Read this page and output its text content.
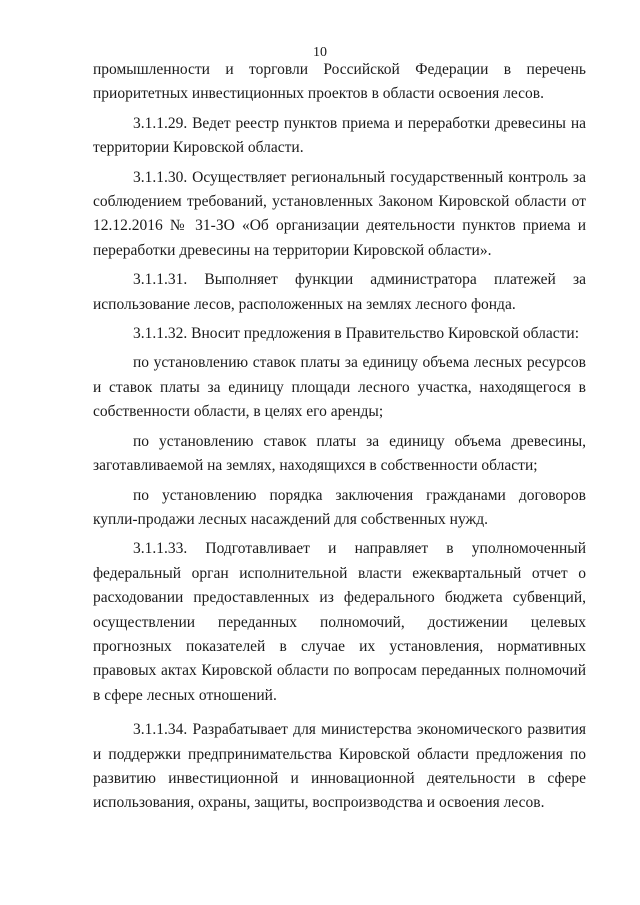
10

промышленности и торговли Российской Федерации в перечень приоритетных инвестиционных проектов в области освоения лесов.

3.1.1.29. Ведет реестр пунктов приема и переработки древесины на территории Кировской области.

3.1.1.30. Осуществляет региональный государственный контроль за соблюдением требований, установленных Законом Кировской области от 12.12.2016 № 31-ЗО «Об организации деятельности пунктов приема и переработки древесины на территории Кировской области».

3.1.1.31. Выполняет функции администратора платежей за использование лесов, расположенных на землях лесного фонда.

3.1.1.32. Вносит предложения в Правительство Кировской области:

по установлению ставок платы за единицу объема лесных ресурсов и ставок платы за единицу площади лесного участка, находящегося в собственности области, в целях его аренды;

по установлению ставок платы за единицу объема древесины, заготавливаемой на землях, находящихся в собственности области;

по установлению порядка заключения гражданами договоров купли-продажи лесных насаждений для собственных нужд.

3.1.1.33. Подготавливает и направляет в уполномоченный федеральный орган исполнительной власти ежеквартальный отчет о расходовании предоставленных из федерального бюджета субвенций, осуществлении переданных полномочий, достижении целевых прогнозных показателей в случае их установления, нормативных правовых актах Кировской области по вопросам переданных полномочий в сфере лесных отношений.

3.1.1.34. Разрабатывает для министерства экономического развития и поддержки предпринимательства Кировской области предложения по развитию инвестиционной и инновационной деятельности в сфере использования, охраны, защиты, воспроизводства и освоения лесов.
